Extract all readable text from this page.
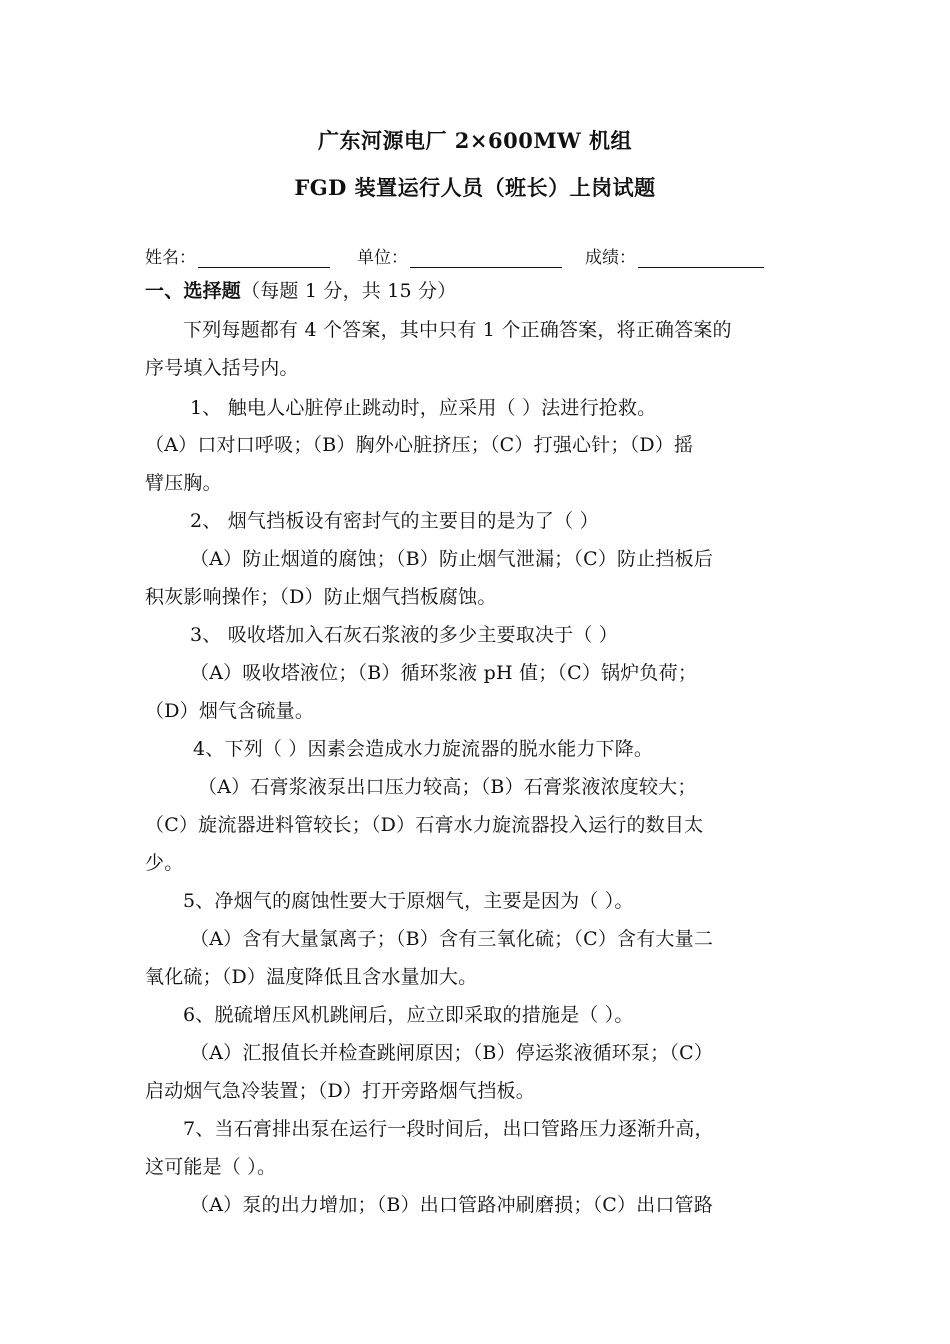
广东河源电厂 2×600MW 机组
FGD 装置运行人员（班长）上岗试题
姓名：	单位：	成绩：
一、选择题（每题 1 分，共 15 分）
下列每题都有 4 个答案，其中只有 1 个正确答案，将正确答案的
序号填入括号内。
1、 触电人心脏停止跳动时，应采用（ ）法进行抢救。
（A）口对口呼吸；（B）胸外心脏挤压；（C）打强心针；（D）摇
臂压胸。
2、 烟气挡板设有密封气的主要目的是为了（ ）
（A）防止烟道的腐蚀；（B）防止烟气泄漏；（C）防止挡板后
积灰影响操作；（D）防止烟气挡板腐蚀。
3、 吸收塔加入石灰石浆液的多少主要取决于（ ）
（A）吸收塔液位；（B）循环浆液 pH 值；（C）锅炉负荷；
（D）烟气含硫量。
4、下列（ ）因素会造成水力旋流器的脱水能力下降。
（A）石膏浆液泵出口压力较高；（B）石膏浆液浓度较大；
（C）旋流器进料管较长；（D）石膏水力旋流器投入运行的数目太
少。
5、净烟气的腐蚀性要大于原烟气，主要是因为（ ）。
（A）含有大量氯离子；（B）含有三氧化硫；（C）含有大量二
氧化硫；（D）温度降低且含水量加大。
6、脱硫增压风机跳闸后，应立即采取的措施是（ ）。
（A）汇报值长并检查跳闸原因；（B）停运浆液循环泵；（C）
启动烟气急冷装置；（D）打开旁路烟气挡板。
7、当石膏排出泵在运行一段时间后，出口管路压力逐渐升高，
这可能是（ ）。
（A）泵的出力增加；（B）出口管路冲刷磨损；（C）出口管路
